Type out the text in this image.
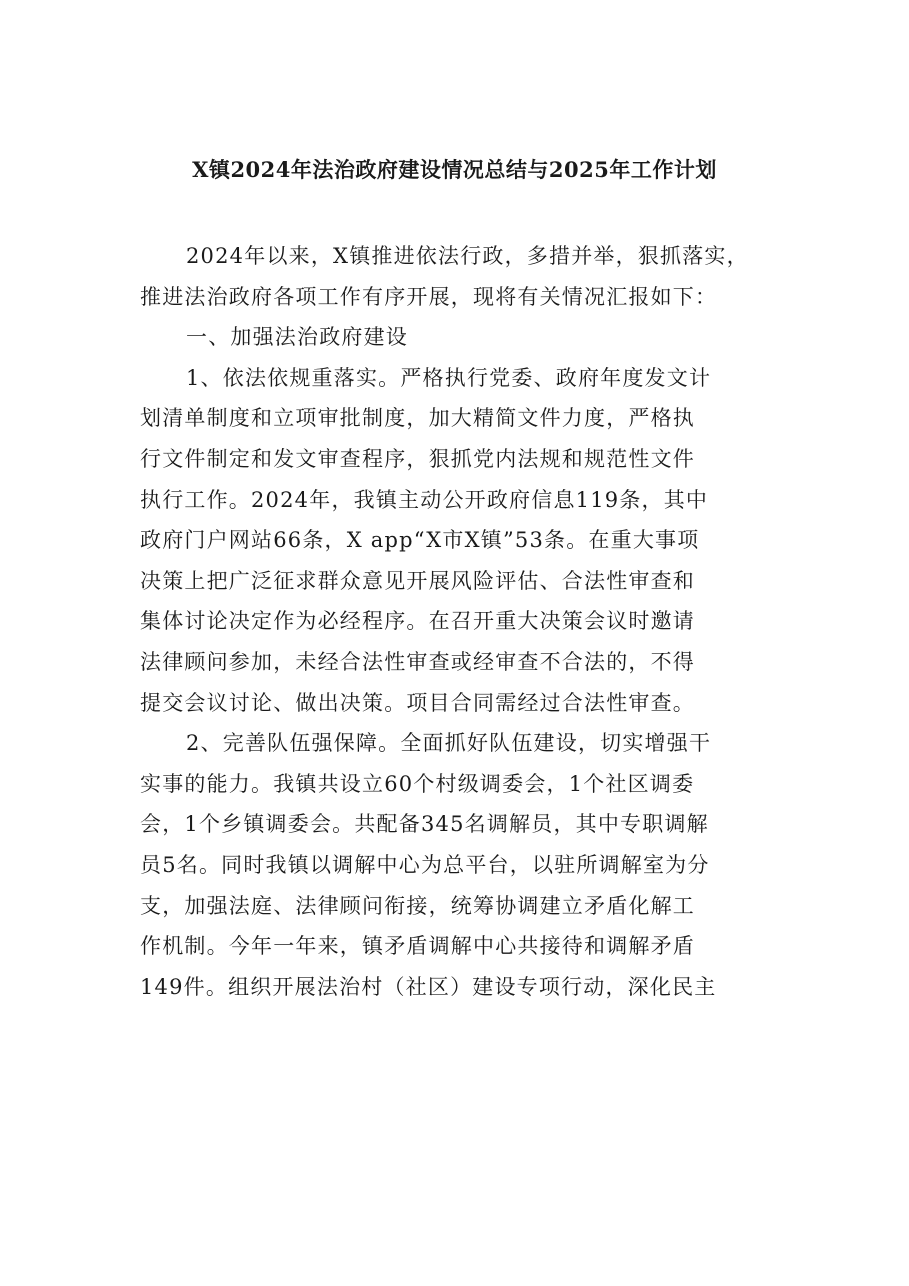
X镇2024年法治政府建设情况总结与2025年工作计划
2024年以来，X镇推进依法行政，多措并举，狠抓落实，
推进法治政府各项工作有序开展，现将有关情况汇报如下：
一、加强法治政府建设
1、依法依规重落实。严格执行党委、政府年度发文计
划清单制度和立项审批制度，加大精简文件力度，严格执
行文件制定和发文审查程序，狠抓党内法规和规范性文件
执行工作。2024年，我镇主动公开政府信息119条，其中
政府门户网站66条，X app“X市X镇”53条。在重大事项
决策上把广泛征求群众意见开展风险评估、合法性审查和
集体讨论决定作为必经程序。在召开重大决策会议时邀请
法律顾问参加，未经合法性审查或经审查不合法的，不得
提交会议讨论、做出决策。项目合同需经过合法性审查。
2、完善队伍强保障。全面抓好队伍建设，切实增强干
实事的能力。我镇共设立60个村级调委会，1个社区调委
会，1个乡镇调委会。共配备345名调解员，其中专职调解
员5名。同时我镇以调解中心为总平台，以驻所调解室为分
支，加强法庭、法律顾问衔接，统筹协调建立矛盾化解工
作机制。今年一年来，镇矛盾调解中心共接待和调解矛盾
149件。组织开展法治村（社区）建设专项行动，深化民主
